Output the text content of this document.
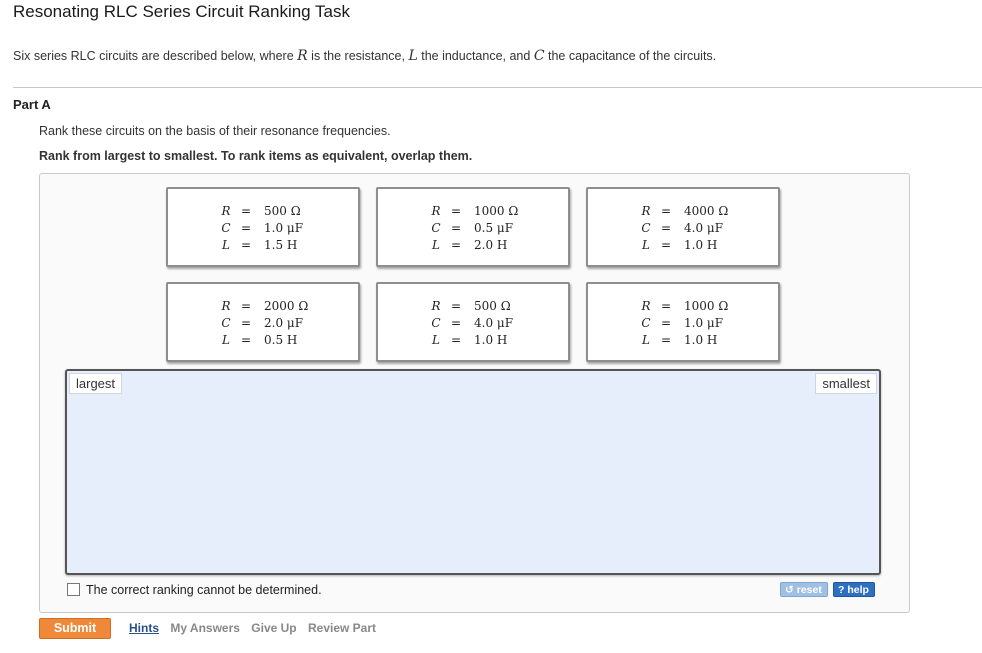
Resonating RLC Series Circuit Ranking Task
Six series RLC circuits are described below, where R is the resistance, L the inductance, and C the capacitance of the circuits.
Part A
Rank these circuits on the basis of their resonance frequencies.
Rank from largest to smallest. To rank items as equivalent, overlap them.
R	=	500 Ω
C	=	1.0 μF
L	=	1.5 H
R	=	1000 Ω
C	=	0.5 μF
L	=	2.0 H
R	=	4000 Ω
C	=	4.0 μF
L	=	1.0 H
R	=	2000 Ω
C	=	2.0 μF
L	=	0.5 H
R	=	500 Ω
C	=	4.0 μF
L	=	1.0 H
R	=	1000 Ω
C	=	1.0 μF
L	=	1.0 H
largest	smallest
The correct ranking cannot be determined.	↺ reset	? help
Submit	Hints My Answers Give Up Review Part
